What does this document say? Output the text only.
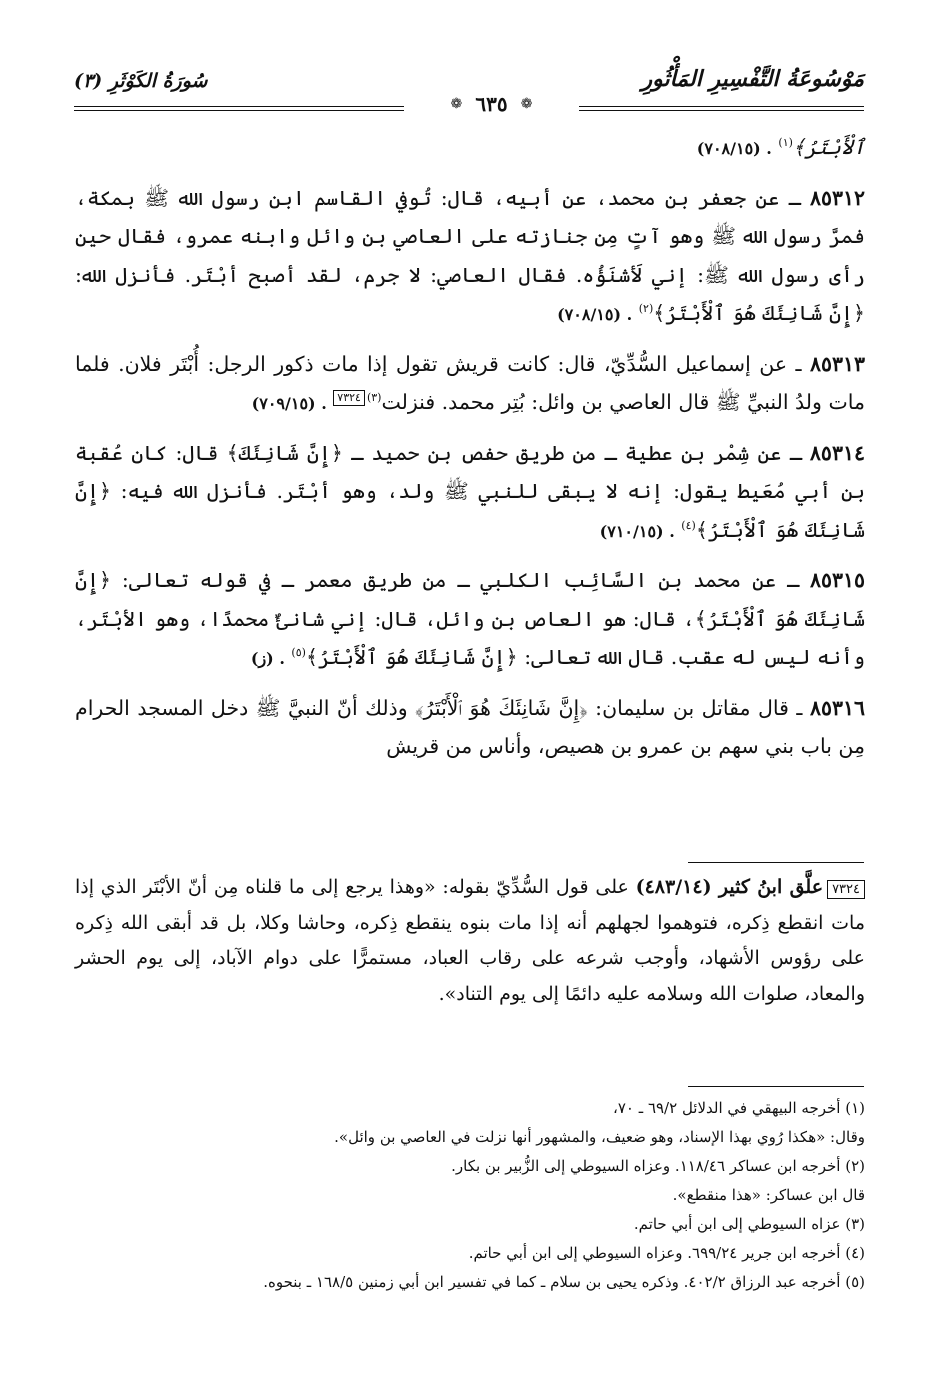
مَوْسُوعَةُ التَّفْسِيرِ المَأْثُورِ
سُورَةُ الكَوْثَرِ (٣)
❁ ٦٣٥ ❁

ٱلْأَبْتَرُ﴾$^{(١)}$ . (٧٠٨/١٥)

٨٥٣١٢ ـ عن جعفر بن محمد، عن أبيه، قال: تُوفي القاسم ابن رسول الله ﷺ بمكة، فمرَّ رسول الله ﷺ وهو آتٍ مِن جنازته على العاصي بن وائل وابنه عمرو، فقال حين رأى رسول الله ﷺ: إني لَأشنَؤُه. فقال العاصي: لا جرم، لقد أصبح أبْتَر. فأنزل الله: ﴿إِنَّ شَانِئَكَ هُوَ ٱلْأَبْتَرُ﴾$^{(٢)}$ . (٧٠٨/١٥)

٨٥٣١٣ ـ عن إسماعيل السُّدِّيّ، قال: كانت قريش تقول إذا مات ذكور الرجل: أُبْتَر فلان. فلما مات ولدُ النبيِّ ﷺ قال العاصي بن وائل: بُتِر محمد. فنزلت$^{(٣)}$٧٣٢٤ . (٧٠٩/١٥)

٨٥٣١٤ ـ عن شِمْر بن عطية ـ من طريق حفص بن حميد ـ ﴿إِنَّ شَانِئَكَ﴾ قال: كان عُقبة بن أبي مُعَيط يقول: إنه لا يبقى للنبي ﷺ ولد، وهو أبْتَر. فأنزل الله فيه: ﴿إِنَّ شَانِئَكَ هُوَ ٱلْأَبْتَرُ﴾$^{(٤)}$ . (٧١٠/١٥)

٨٥٣١٥ ـ عن محمد بن السَّائِب الكلبي ـ من طريق معمر ـ في قوله تعالى: ﴿إِنَّ شَانِئَكَ هُوَ ٱلْأَبْتَرُ﴾، قال: هو العاص بن وائل، قال: إني شانئٌ محمدًا، وهو الأبْتَر، وأنه ليس له عقب. قال الله تعالى: ﴿إِنَّ شَانِئَكَ هُوَ ٱلْأَبْتَرُ﴾$^{(٥)}$ . (ز)

٨٥٣١٦ ـ قال مقاتل بن سليمان: ﴿إِنَّ شَانِئَكَ هُوَ ٱلْأَبْتَرُ﴾ وذلك أنّ النبيَّ ﷺ دخل المسجد الحرام مِن باب بني سهم بن عمرو بن هصيص، وأناس من قريش

٧٣٢٤علَّق ابنُ كثير (٤٨٣/١٤) على قول السُّدِّيّ بقوله: «وهذا يرجع إلى ما قلناه مِن أنّ الأبْتَر الذي إذا مات انقطع ذِكره، فتوهموا لجهلهم أنه إذا مات بنوه ينقطع ذِكره، وحاشا وكلا، بل قد أبقى الله ذِكره على رؤوس الأشهاد، وأوجب شرعه على رقاب العباد، مستمرًّا على دوام الآباد، إلى يوم الحشر والمعاد، صلوات الله وسلامه عليه دائمًا إلى يوم التناد».
(١) أخرجه البيهقي في الدلائل ٦٩/٢ ـ ٧٠،
وقال: «هكذا رُوي بهذا الإسناد، وهو ضعيف، والمشهور أنها نزلت في العاصي بن وائل».
(٢) أخرجه ابن عساكر ١١٨/٤٦. وعزاه السيوطي إلى الزُّبير بن بكار.
قال ابن عساكر: «هذا منقطع».
(٣) عزاه السيوطي إلى ابن أبي حاتم.
(٤) أخرجه ابن جرير ٦٩٩/٢٤. وعزاه السيوطي إلى ابن أبي حاتم.
(٥) أخرجه عبد الرزاق ٤٠٢/٢. وذكره يحيى بن سلام ـ كما في تفسير ابن أبي زمنين ١٦٨/٥ ـ بنحوه.
